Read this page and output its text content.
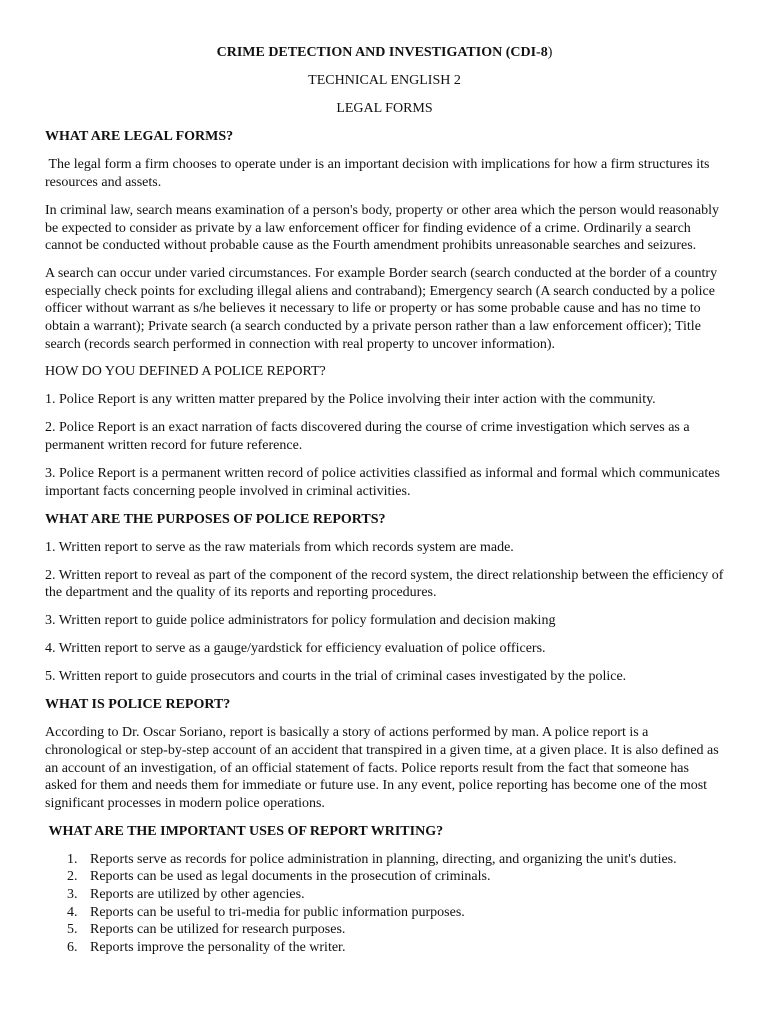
CRIME DETECTION AND INVESTIGATION (CDI-8)
TECHNICAL ENGLISH 2
LEGAL FORMS
WHAT ARE LEGAL FORMS?

The legal form a firm chooses to operate under is an important decision with implications for how a firm structures its resources and assets.

In criminal law, search means examination of a person's body, property or other area which the person would reasonably be expected to consider as private by a law enforcement officer for finding evidence of a crime. Ordinarily a search cannot be conducted without probable cause as the Fourth amendment prohibits unreasonable searches and seizures.

A search can occur under varied circumstances. For example Border search (search conducted at the border of a country especially check points for excluding illegal aliens and contraband); Emergency search (A search conducted by a police officer without warrant as s/he believes it necessary to life or property or has some probable cause and has no time to obtain a warrant); Private search (a search conducted by a private person rather than a law enforcement officer); Title search (records search performed in connection with real property to uncover information).

HOW DO YOU DEFINED A POLICE REPORT?

1. Police Report is any written matter prepared by the Police involving their inter action with the community.

2. Police Report is an exact narration of facts discovered during the course of crime investigation which serves as a permanent written record for future reference.

3. Police Report is a permanent written record of police activities classified as informal and formal which communicates important facts concerning people involved in criminal activities.

WHAT ARE THE PURPOSES OF POLICE REPORTS?

1. Written report to serve as the raw materials from which records system are made.

2. Written report to reveal as part of the component of the record system, the direct relationship between the efficiency of the department and the quality of its reports and reporting procedures.

3. Written report to guide police administrators for policy formulation and decision making

4. Written report to serve as a gauge/yardstick for efficiency evaluation of police officers.

5. Written report to guide prosecutors and courts in the trial of criminal cases investigated by the police.

WHAT IS POLICE REPORT?

According to Dr. Oscar Soriano, report is basically a story of actions performed by man. A police report is a chronological or step-by-step account of an accident that transpired in a given time, at a given place. It is also defined as an account of an investigation, of an official statement of facts. Police reports result from the fact that someone has asked for them and needs them for immediate or future use. In any event, police reporting has become one of the most significant processes in modern police operations.

WHAT ARE THE IMPORTANT USES OF REPORT WRITING?
1. Reports serve as records for police administration in planning, directing, and organizing the unit's duties.
2. Reports can be used as legal documents in the prosecution of criminals.
3. Reports are utilized by other agencies.
4. Reports can be useful to tri-media for public information purposes.
5. Reports can be utilized for research purposes.
6. Reports improve the personality of the writer.
